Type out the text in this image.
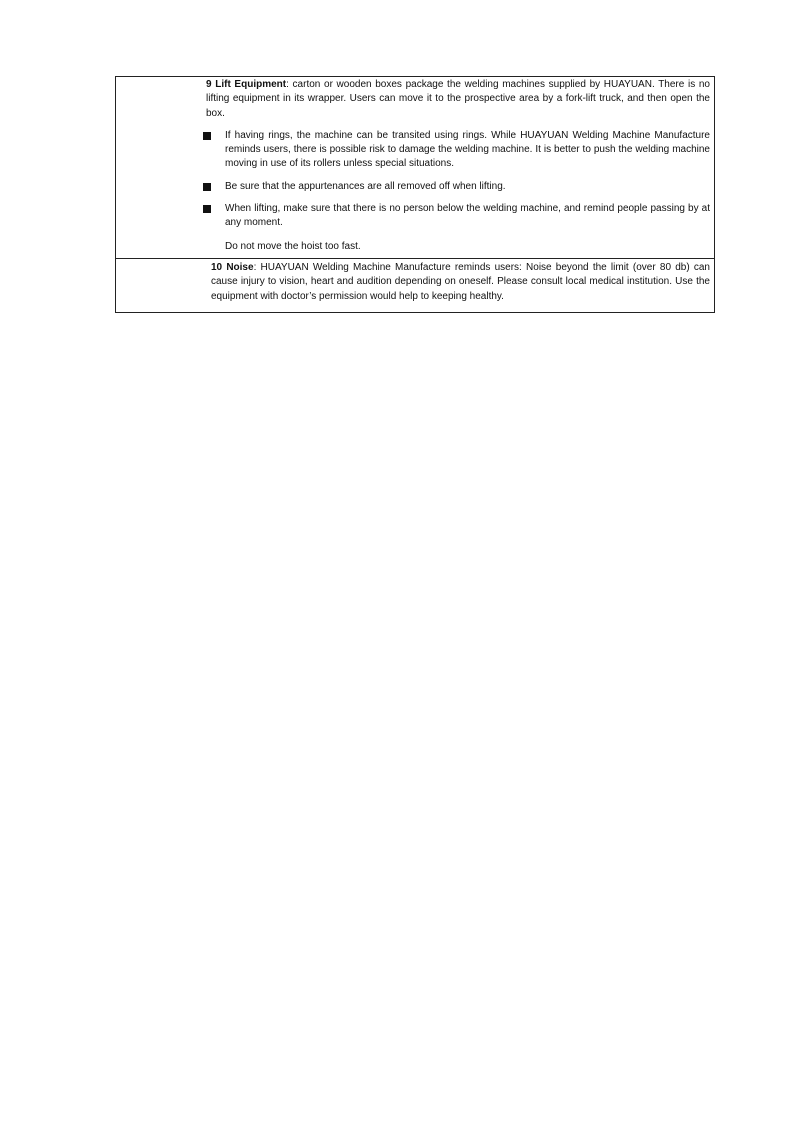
9 Lift Equipment: carton or wooden boxes package the welding machines supplied by HUAYUAN. There is no lifting equipment in its wrapper. Users can move it to the prospective area by a fork-lift truck, and then open the box.

If having rings, the machine can be transited using rings. While HUAYUAN Welding Machine Manufacture reminds users, there is possible risk to damage the welding machine. It is better to push the welding machine moving in use of its rollers unless special situations.
Be sure that the appurtenances are all removed off when lifting.
When lifting, make sure that there is no person below the welding machine, and remind people passing by at any moment.

Do not move the hoist too fast.

10 Noise: HUAYUAN Welding Machine Manufacture reminds users: Noise beyond the limit (over 80 db) can cause injury to vision, heart and audition depending on oneself. Please consult local medical institution. Use the equipment with doctor’s permission would help to keeping healthy.
